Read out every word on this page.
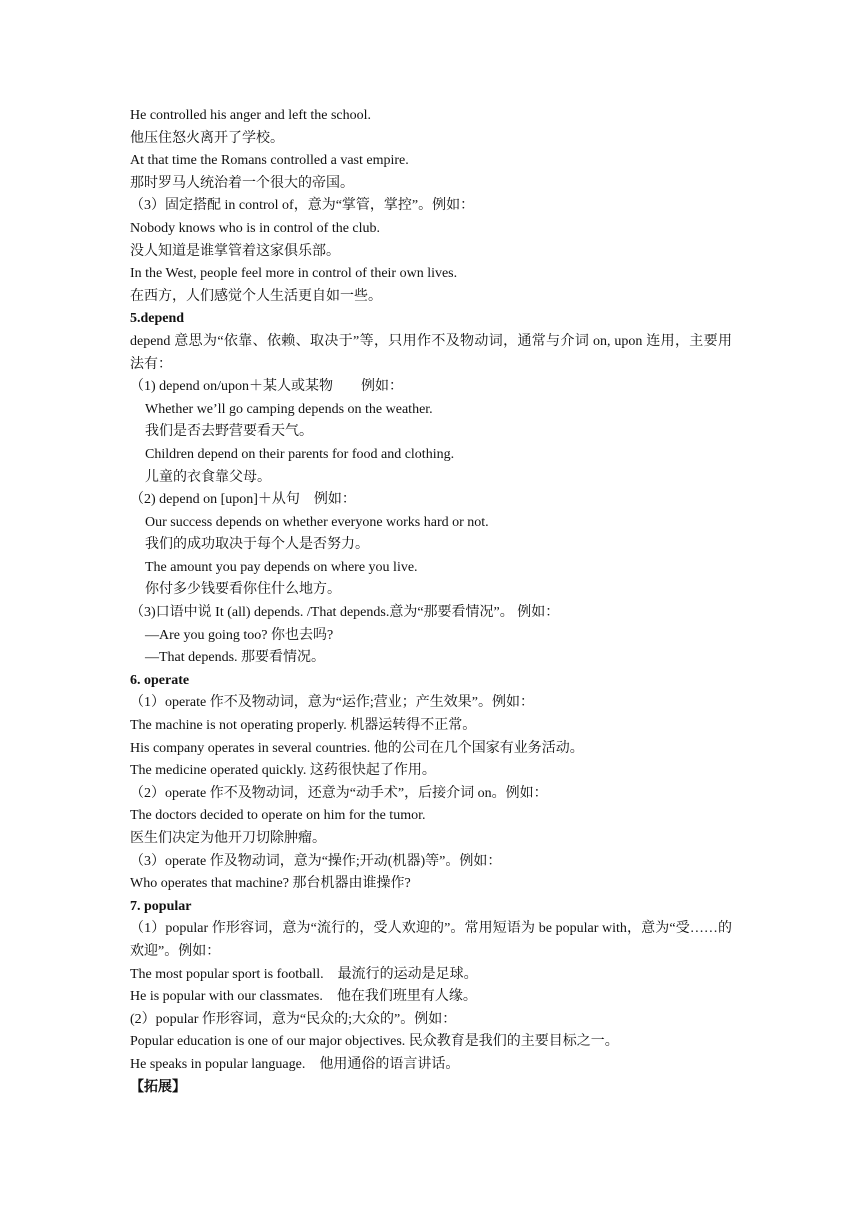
He controlled his anger and left the school.
他压住怒火离开了学校。
At that time the Romans controlled a vast empire.
那时罗马人统治着一个很大的帝国。
（3）固定搭配 in control of，意为“掌管，掌控”。例如：
Nobody knows who is in control of the club.
没人知道是谁掌管着这家俱乐部。
In the West, people feel more in control of their own lives.
在西方，人们感觉个人生活更自如一些。
5.depend
depend 意思为“依靠、依赖、取决于”等，只用作不及物动词，通常与介词 on, upon 连用，主要用法有：
（1) depend on/upon＋某人或某物　　例如：
Whether we’ll go camping depends on the weather.
我们是否去野营要看天气。
Children depend on their parents for food and clothing.
儿童的衣食靠父母。
（2) depend on [upon]＋从句　例如：
Our success depends on whether everyone works hard or not.
我们的成功取决于每个人是否努力。
The amount you pay depends on where you live.
你付多少钱要看你住什么地方。
（3)口语中说 It (all) depends. /That depends.意为“那要看情况”。 例如：
—Are you going too? 你也去吗?
—That depends. 那要看情况。
6. operate
（1）operate 作不及物动词，意为“运作;营业；产生效果”。例如：
The machine is not operating properly. 机器运转得不正常。
His company operates in several countries. 他的公司在几个国家有业务活动。
The medicine operated quickly. 这药很快起了作用。
（2）operate 作不及物动词，还意为“动手术”，后接介词 on。例如：
The doctors decided to operate on him for the tumor.
医生们决定为他开刀切除肿瘤。
（3）operate 作及物动词，意为“操作;开动(机器)等”。例如：
Who operates that machine? 那台机器由谁操作?
7. popular
（1）popular 作形容词，意为“流行的，受人欢迎的”。常用短语为 be popular with，意为“受……的欢迎”。例如：
The most popular sport is football.　最流行的运动是足球。
He is popular with our classmates.　他在我们班里有人缘。
(2）popular 作形容词，意为“民众的;大众的”。例如：
Popular education is one of our major objectives. 民众教育是我们的主要目标之一。
He speaks in popular language.　他用通俗的语言讲话。
【拓展】
